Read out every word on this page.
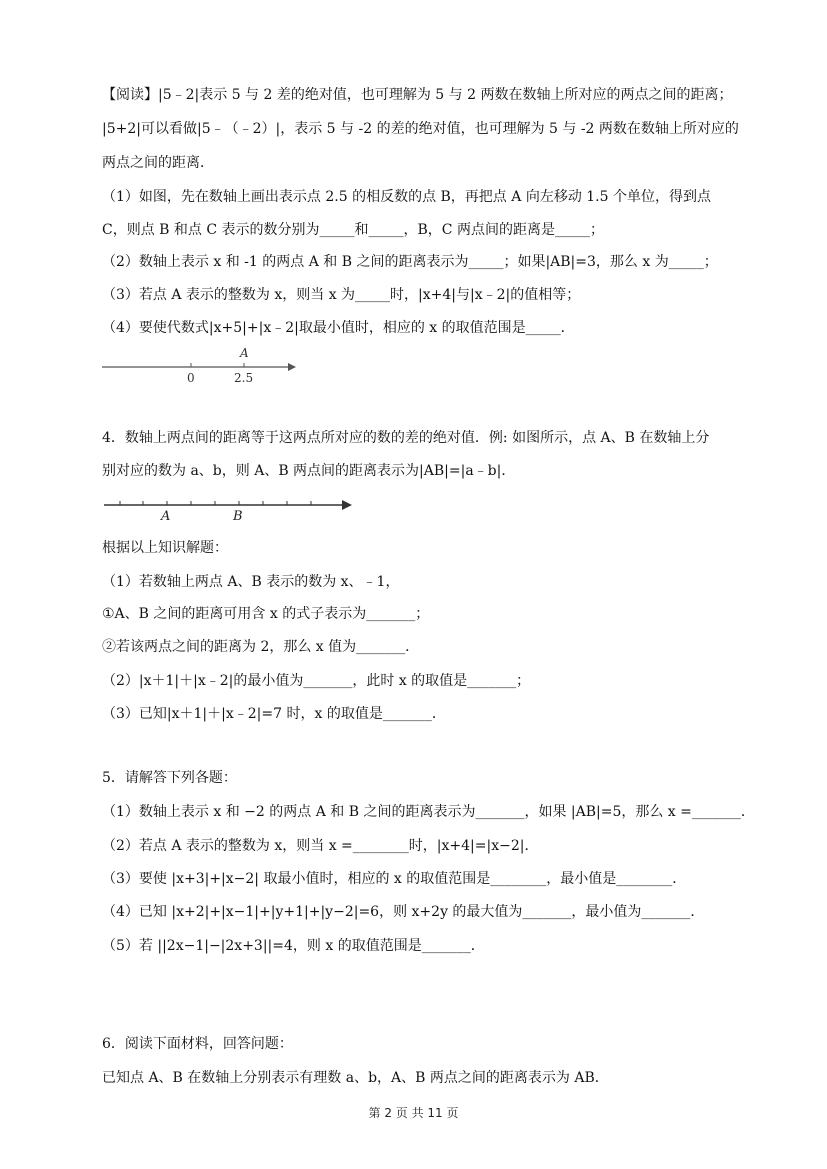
【阅读】|5﹣2|表示 5 与 2 差的绝对值，也可理解为 5 与 2 两数在数轴上所对应的两点之间的距离；
|5+2|可以看做|5﹣（﹣2）|，表示 5 与 -2 的差的绝对值，也可理解为 5 与 -2 两数在数轴上所对应的
两点之间的距离．
（1）如图，先在数轴上画出表示点 2.5 的相反数的点 B，再把点 A 向左移动 1.5 个单位，得到点
C，则点 B 和点 C 表示的数分别为_____和_____，B，C 两点间的距离是_____；
（2）数轴上表示 x 和 -1 的两点 A 和 B 之间的距离表示为_____；如果|AB|=3，那么 x 为_____；
（3）若点 A 表示的整数为 x，则当 x 为_____时，|x+4|与|x﹣2|的值相等；
（4）要使代数式|x+5|+|x﹣2|取最小值时，相应的 x 的取值范围是_____．
A
0	2.5
4．数轴上两点间的距离等于这两点所对应的数的差的绝对值．例: 如图所示，点 A、B 在数轴上分
别对应的数为 a、b，则 A、B 两点间的距离表示为|AB|=|a﹣b|．
A	B
根据以上知识解题：
（1）若数轴上两点 A、B 表示的数为 x、﹣1，
①A、B 之间的距离可用含 x 的式子表示为_______；
②若该两点之间的距离为 2，那么 x 值为_______．
（2）|x＋1|＋|x﹣2|的最小值为_______，此时 x 的取值是_______；
（3）已知|x＋1|＋|x﹣2|=7 时，x 的取值是_______．
5．请解答下列各题：
（1）数轴上表示 x 和 −2 的两点 A 和 B 之间的距离表示为_______，如果 |AB|=5，那么 x =_______．
（2）若点 A 表示的整数为 x，则当 x =________时，|x+4|=|x−2|．
（3）要使 |x+3|+|x−2| 取最小值时，相应的 x 的取值范围是________，最小值是________．
（4）已知 |x+2|+|x−1|+|y+1|+|y−2|=6，则 x+2y 的最大值为_______，最小值为_______．
（5）若 ||2x−1|−|2x+3||=4，则 x 的取值范围是_______．
6．阅读下面材料，回答问题：
已知点 A、B 在数轴上分别表示有理数 a、b，A、B 两点之间的距离表示为 AB．
第 2 页 共 11 页
